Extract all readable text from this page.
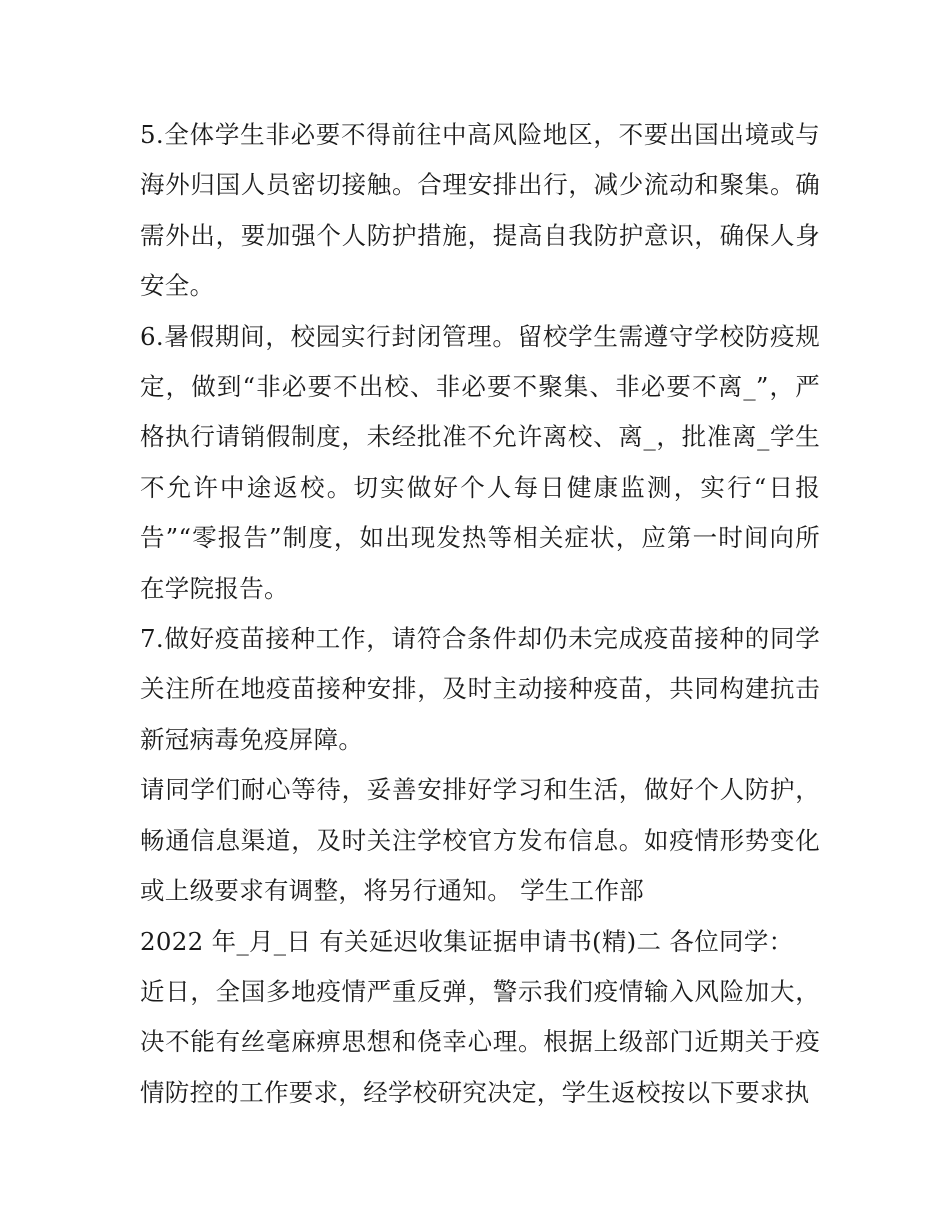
5.全体学生非必要不得前往中高风险地区，不要出国出境或与海外归国人员密切接触。合理安排出行，减少流动和聚集。确需外出，要加强个人防护措施，提高自我防护意识，确保人身安全。

6.暑假期间，校园实行封闭管理。留校学生需遵守学校防疫规定，做到“非必要不出校、非必要不聚集、非必要不离_”，严格执行请销假制度，未经批准不允许离校、离_，批准离_学生不允许中途返校。切实做好个人每日健康监测，实行“日报告”“零报告”制度，如出现发热等相关症状，应第一时间向所在学院报告。

7.做好疫苗接种工作，请符合条件却仍未完成疫苗接种的同学关注所在地疫苗接种安排，及时主动接种疫苗，共同构建抗击新冠病毒免疫屏障。

请同学们耐心等待，妥善安排好学习和生活，做好个人防护，畅通信息渠道，及时关注学校官方发布信息。如疫情形势变化或上级要求有调整，将另行通知。 学生工作部

2022 年_月_日 有关延迟收集证据申请书(精)二 各位同学：

近日，全国多地疫情严重反弹，警示我们疫情输入风险加大，决不能有丝毫麻痹思想和侥幸心理。根据上级部门近期关于疫情防控的工作要求，经学校研究决定，学生返校按以下要求执
